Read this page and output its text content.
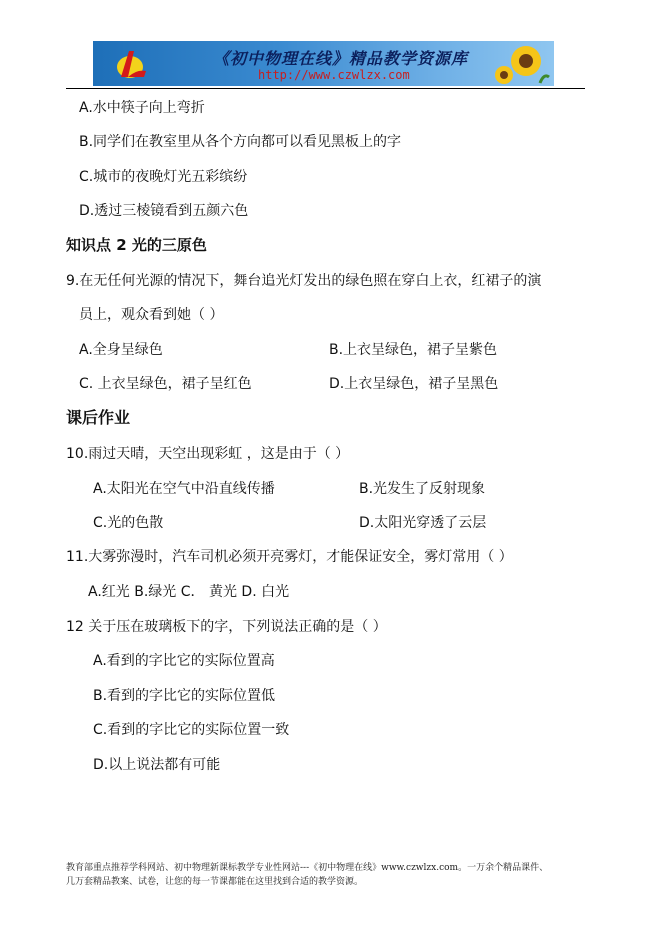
《初中物理在线》精品教学资源库
http://www.czwlzx.com
A.水中筷子向上弯折
B.同学们在教室里从各个方向都可以看见黑板上的字
C.城市的夜晚灯光五彩缤纷
D.透过三棱镜看到五颜六色
知识点 2 光的三原色
9.在无任何光源的情况下，舞台追光灯发出的绿色照在穿白上衣，红裙子的演
员上，观众看到她（ ）
A.全身呈绿色	B.上衣呈绿色，裙子呈紫色
C. 上衣呈绿色，裙子呈红色	D.上衣呈绿色，裙子呈黑色
课后作业
10.雨过天晴，天空出现彩虹 ，这是由于（ ）
A.太阳光在空气中沿直线传播	B.光发生了反射现象
C.光的色散	D.太阳光穿透了云层
11.大雾弥漫时，汽车司机必须开亮雾灯，才能保证安全，雾灯常用（ ）
A.红光 B.绿光 C． 黄光 D. 白光
12 关于压在玻璃板下的字，下列说法正确的是（ ）
A.看到的字比它的实际位置高
B.看到的字比它的实际位置低
C.看到的字比它的实际位置一致
D.以上说法都有可能
教育部重点推荐学科网站、初中物理新课标教学专业性网站---《初中物理在线》www.czwlzx.com。一万余个精品课件、
几万套精品教案、试卷，让您的每一节课都能在这里找到合适的教学资源。
